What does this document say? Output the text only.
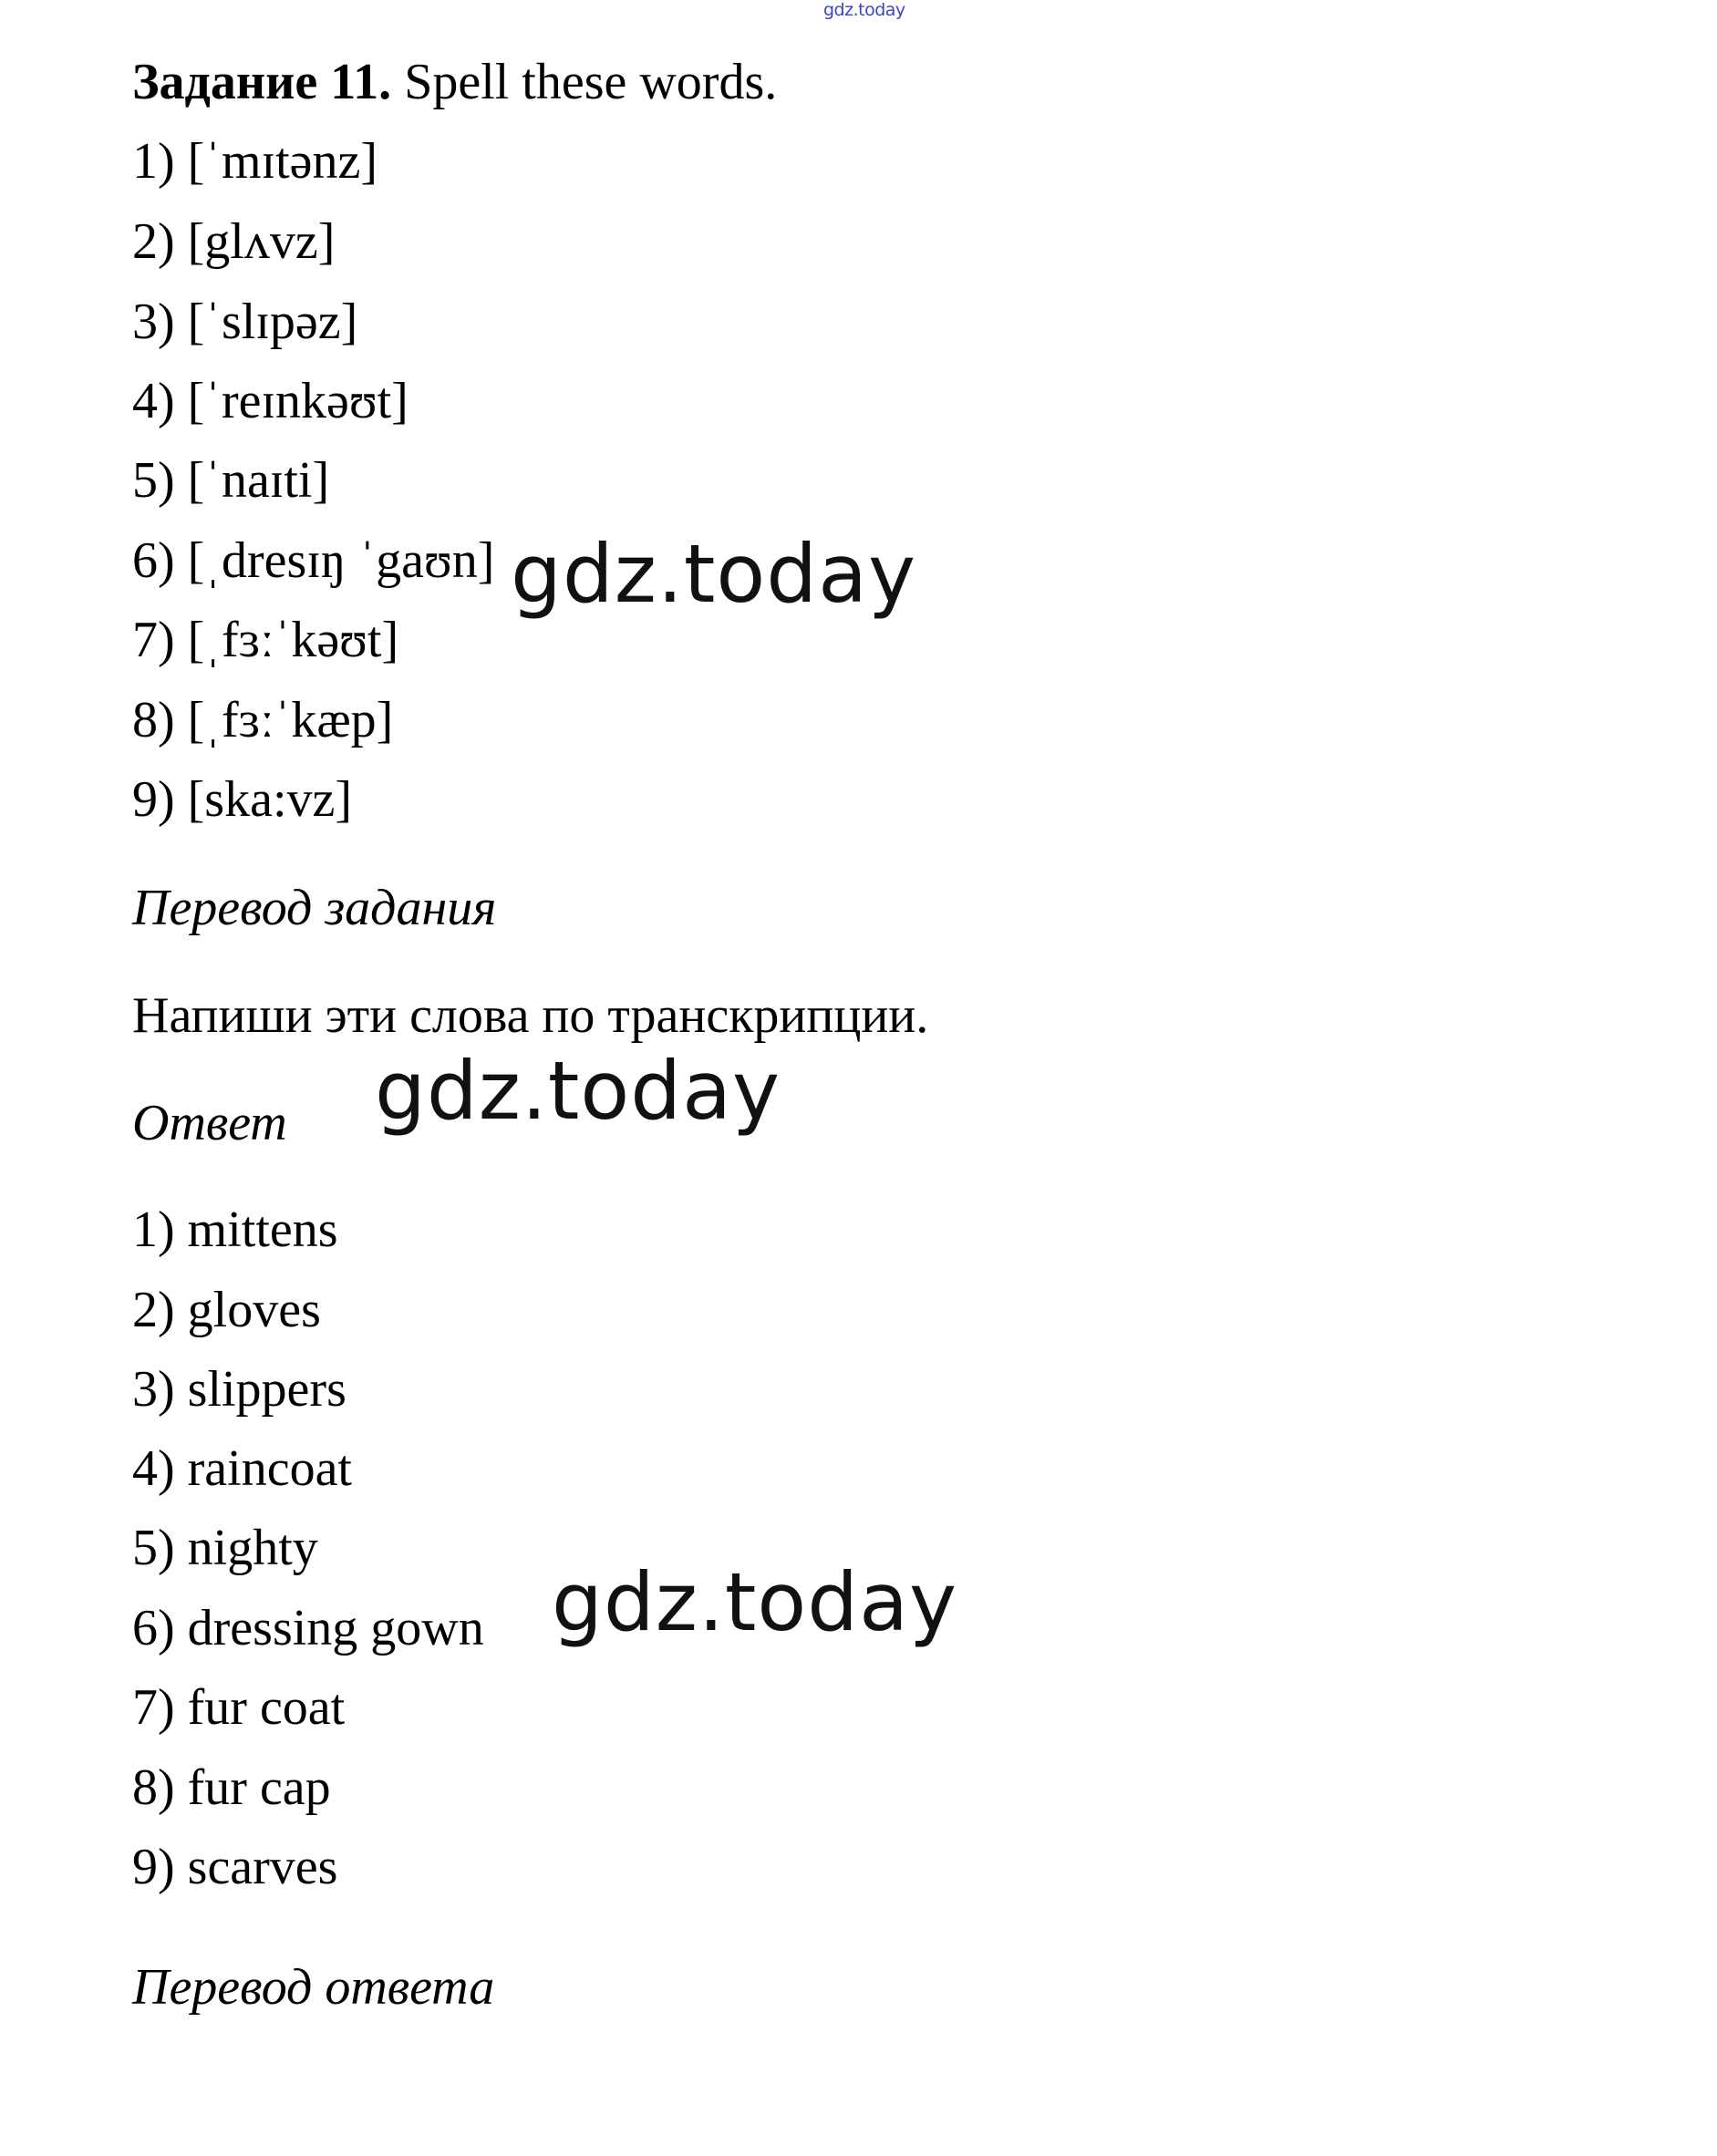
gdz.today
Задание 11. Spell these words.
1) [ˈmɪtənz]
2) [glʌvz]
3) [ˈslɪpəz]
4) [ˈreɪnkəʊt]
5) [ˈnaɪti]
6) [ˌdresɪŋ ˈgaʊn]
7) [ˌfɜːˈkəʊt]
8) [ˌfɜːˈkæp]
9) [ska:vz]
Перевод задания
Напиши эти слова по транскрипции.
Ответ
1) mittens
2) gloves
3) slippers
4) raincoat
5) nighty
6) dressing gown
7) fur coat
8) fur cap
9) scarves
Перевод ответа
gdz.today
gdz.today
gdz.today
